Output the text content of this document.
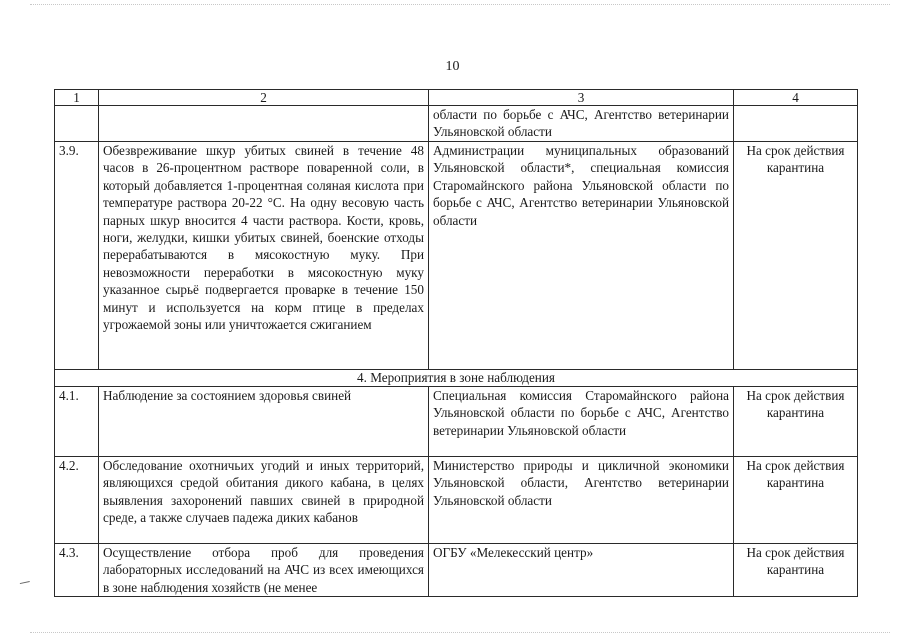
10
1	2	3	4
		области по борьбе с АЧС, Агентство ветеринарии Ульяновской области	
3.9.	Обезвреживание шкур убитых свиней в течение 48 часов в 26-процентном растворе поваренной соли, в который добавляется 1-процентная соляная кислота при температуре раствора 20-22 °С. На одну весовую часть парных шкур вносится 4 части раствора. Кости, кровь, ноги, желудки, кишки убитых свиней, боенские отходы перерабатываются в мясокостную муку. При невозможности переработки в мясокостную муку указанное сырьё подвергается проварке в течение 150 минут и используется на корм птице в пределах угрожаемой зоны или уничтожается сжиганием	Администрации муниципальных образований Ульяновской области*, специальная комиссия Старомайнского района Ульяновской области по борьбе с АЧС, Агентство ветеринарии Ульяновской области	На срок действия карантина
4. Мероприятия в зоне наблюдения			
4.1.	Наблюдение за состоянием здоровья свиней	Специальная комиссия Старомайнского района Ульяновской области по борьбе с АЧС, Агентство ветеринарии Ульяновской области	На срок действия карантина
4.2.	Обследование охотничьих угодий и иных территорий, являющихся средой обитания дикого кабана, в целях выявления захоронений павших свиней в природной среде, а также случаев падежа диких кабанов	Министерство природы и цикличной экономики Ульяновской области, Агентство ветеринарии Ульяновской области	На срок действия карантина
4.3.	Осуществление отбора проб для проведения лабораторных исследований на АЧС из всех имеющихся в зоне наблюдения хозяйств (не менее	ОГБУ «Мелекесский центр»	На срок действия карантина
